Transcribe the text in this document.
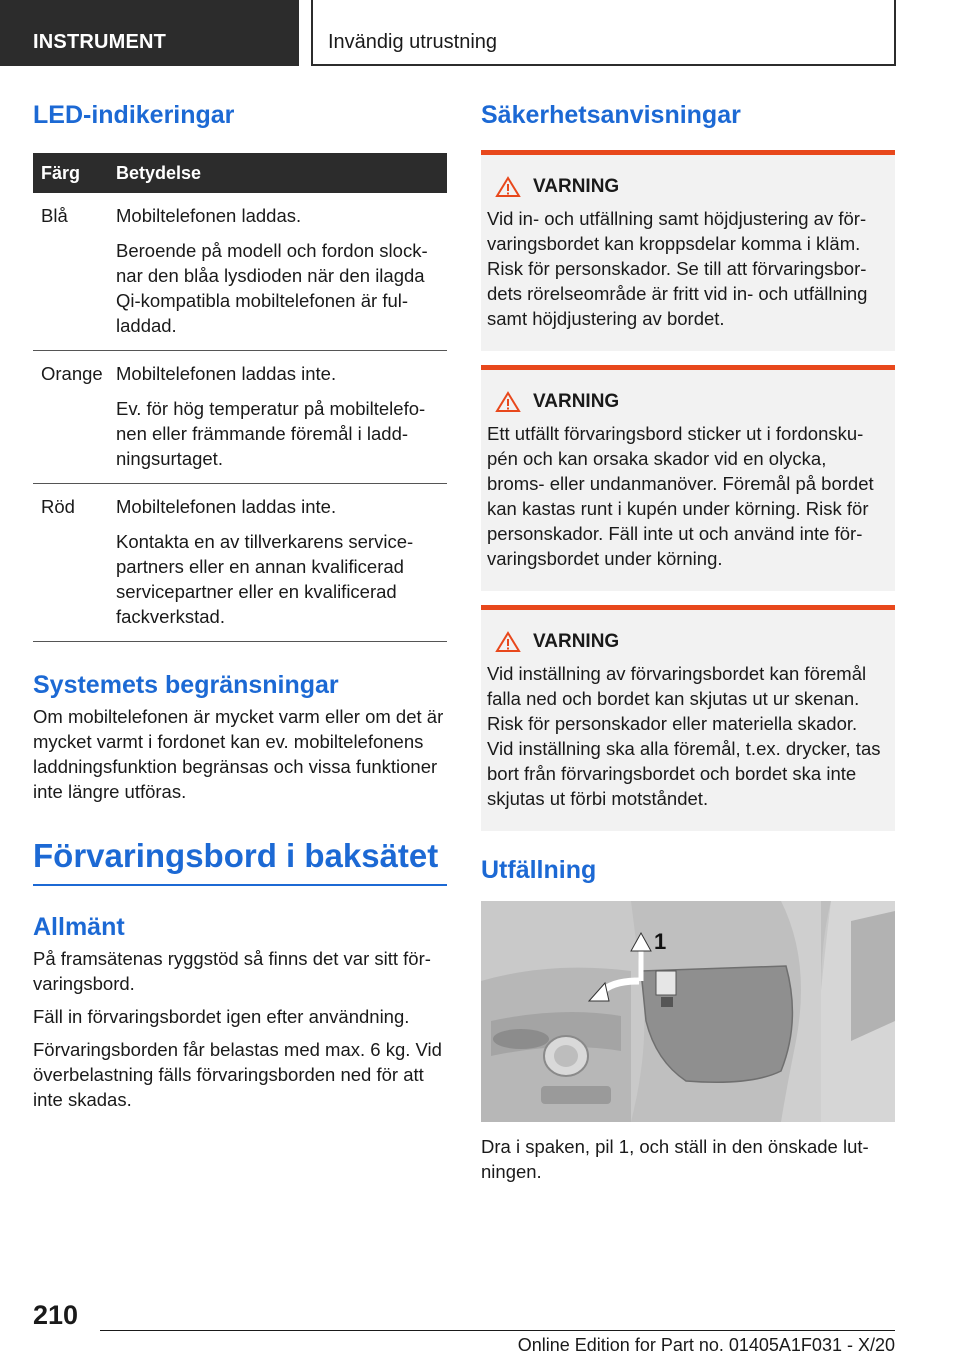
INSTRUMENT	Invändig utrustning
LED-indikeringar
Färg	Betydelse
Blå	Mobiltelefonen laddas.
Beroende på modell och fordon slocknar den blåa lysdioden när den ilagda Qi-kompatibla mobiltelefonen är fulladdad.

Orange	Mobiltelefonen laddas inte.
Ev. för hög temperatur på mobiltelefonen eller främmande föremål i laddningsurtaget.

Röd	Mobiltelefonen laddas inte.
Kontakta en av tillverkarens servicepartners eller en annan kvalificerad servicepartner eller en kvalificerad fackverkstad.
Systemets begränsningar

Om mobiltelefonen är mycket varm eller om det är mycket varmt i fordonet kan ev. mobiltelefonens laddningsfunktion begränsas och vissa funktioner inte längre utföras.

Förvaringsbord i baksätet
Allmänt

På framsätenas ryggstöd så finns det var sitt förvaringsbord.

Fäll in förvaringsbordet igen efter användning.

Förvaringsborden får belastas med max. 6 kg. Vid överbelastning fälls förvaringsborden ned för att inte skadas.

Säkerhetsanvisningar
VARNING

Vid in- och utfällning samt höjdjustering av förvaringsbordet kan kroppsdelar komma i kläm. Risk för personskador. Se till att förvaringsbordets rörelseområde är fritt vid in- och utfällning samt höjdjustering av bordet.

VARNING

Ett utfällt förvaringsbord sticker ut i fordonskupén och kan orsaka skador vid en olycka, broms- eller undanmanöver. Föremål på bordet kan kastas runt i kupén under körning. Risk för personskador. Fäll inte ut och använd inte förvaringsbordet under körning.

VARNING

Vid inställning av förvaringsbordet kan föremål falla ned och bordet kan skjutas ut ur skenan. Risk för personskador eller materiella skador. Vid inställning ska alla föremål, t.ex. drycker, tas bort från förvaringsbordet och bordet ska inte skjutas ut förbi motståndet.

Utfällning
1

Dra i spaken, pil 1, och ställ in den önskade lutningen.

210
Online Edition for Part no. 01405A1F031 - X/20
